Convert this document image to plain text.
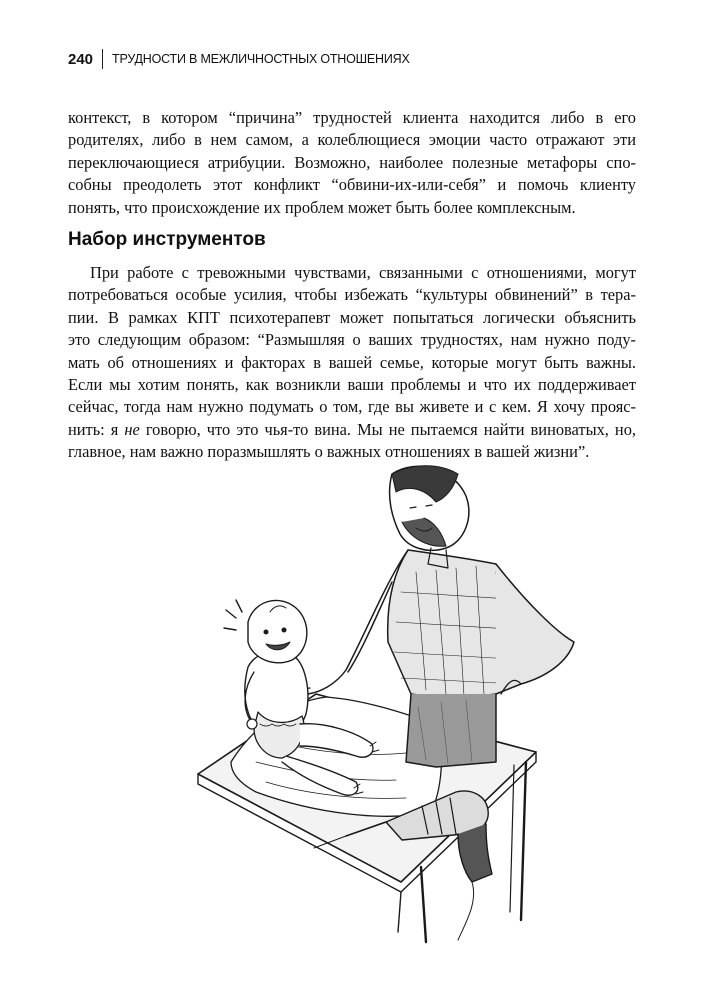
240 ТРУДНОСТИ В МЕЖЛИЧНОСТНЫХ ОТНОШЕНИЯХ
контекст, в котором “причина” трудностей клиента находится либо в его
родителях, либо в нем самом, а колеблющиеся эмоции часто отражают эти
переключающиеся атрибуции. Возможно, наиболее полезные метафоры спо-
собны преодолеть этот конфликт “обвини-их-или-себя” и помочь клиенту
понять, что происхождение их проблем может быть более комплексным.
Набор инструментов
При работе с тревожными чувствами, связанными с отношениями, могут
потребоваться особые усилия, чтобы избежать “культуры обвинений” в тера-
пии. В рамках КПТ психотерапевт может попытаться логически объяснить
это следующим образом: “Размышляя о ваших трудностях, нам нужно поду-
мать об отношениях и факторах в вашей семье, которые могут быть важны.
Если мы хотим понять, как возникли ваши проблемы и что их поддерживает
сейчас, тогда нам нужно подумать о том, где вы живете и с кем. Я хочу прояс-
нить: я не говорю, что это чья-то вина. Мы не пытаемся найти виноватых, но,
главное, нам важно поразмышлять о важных отношениях в вашей жизни”.
